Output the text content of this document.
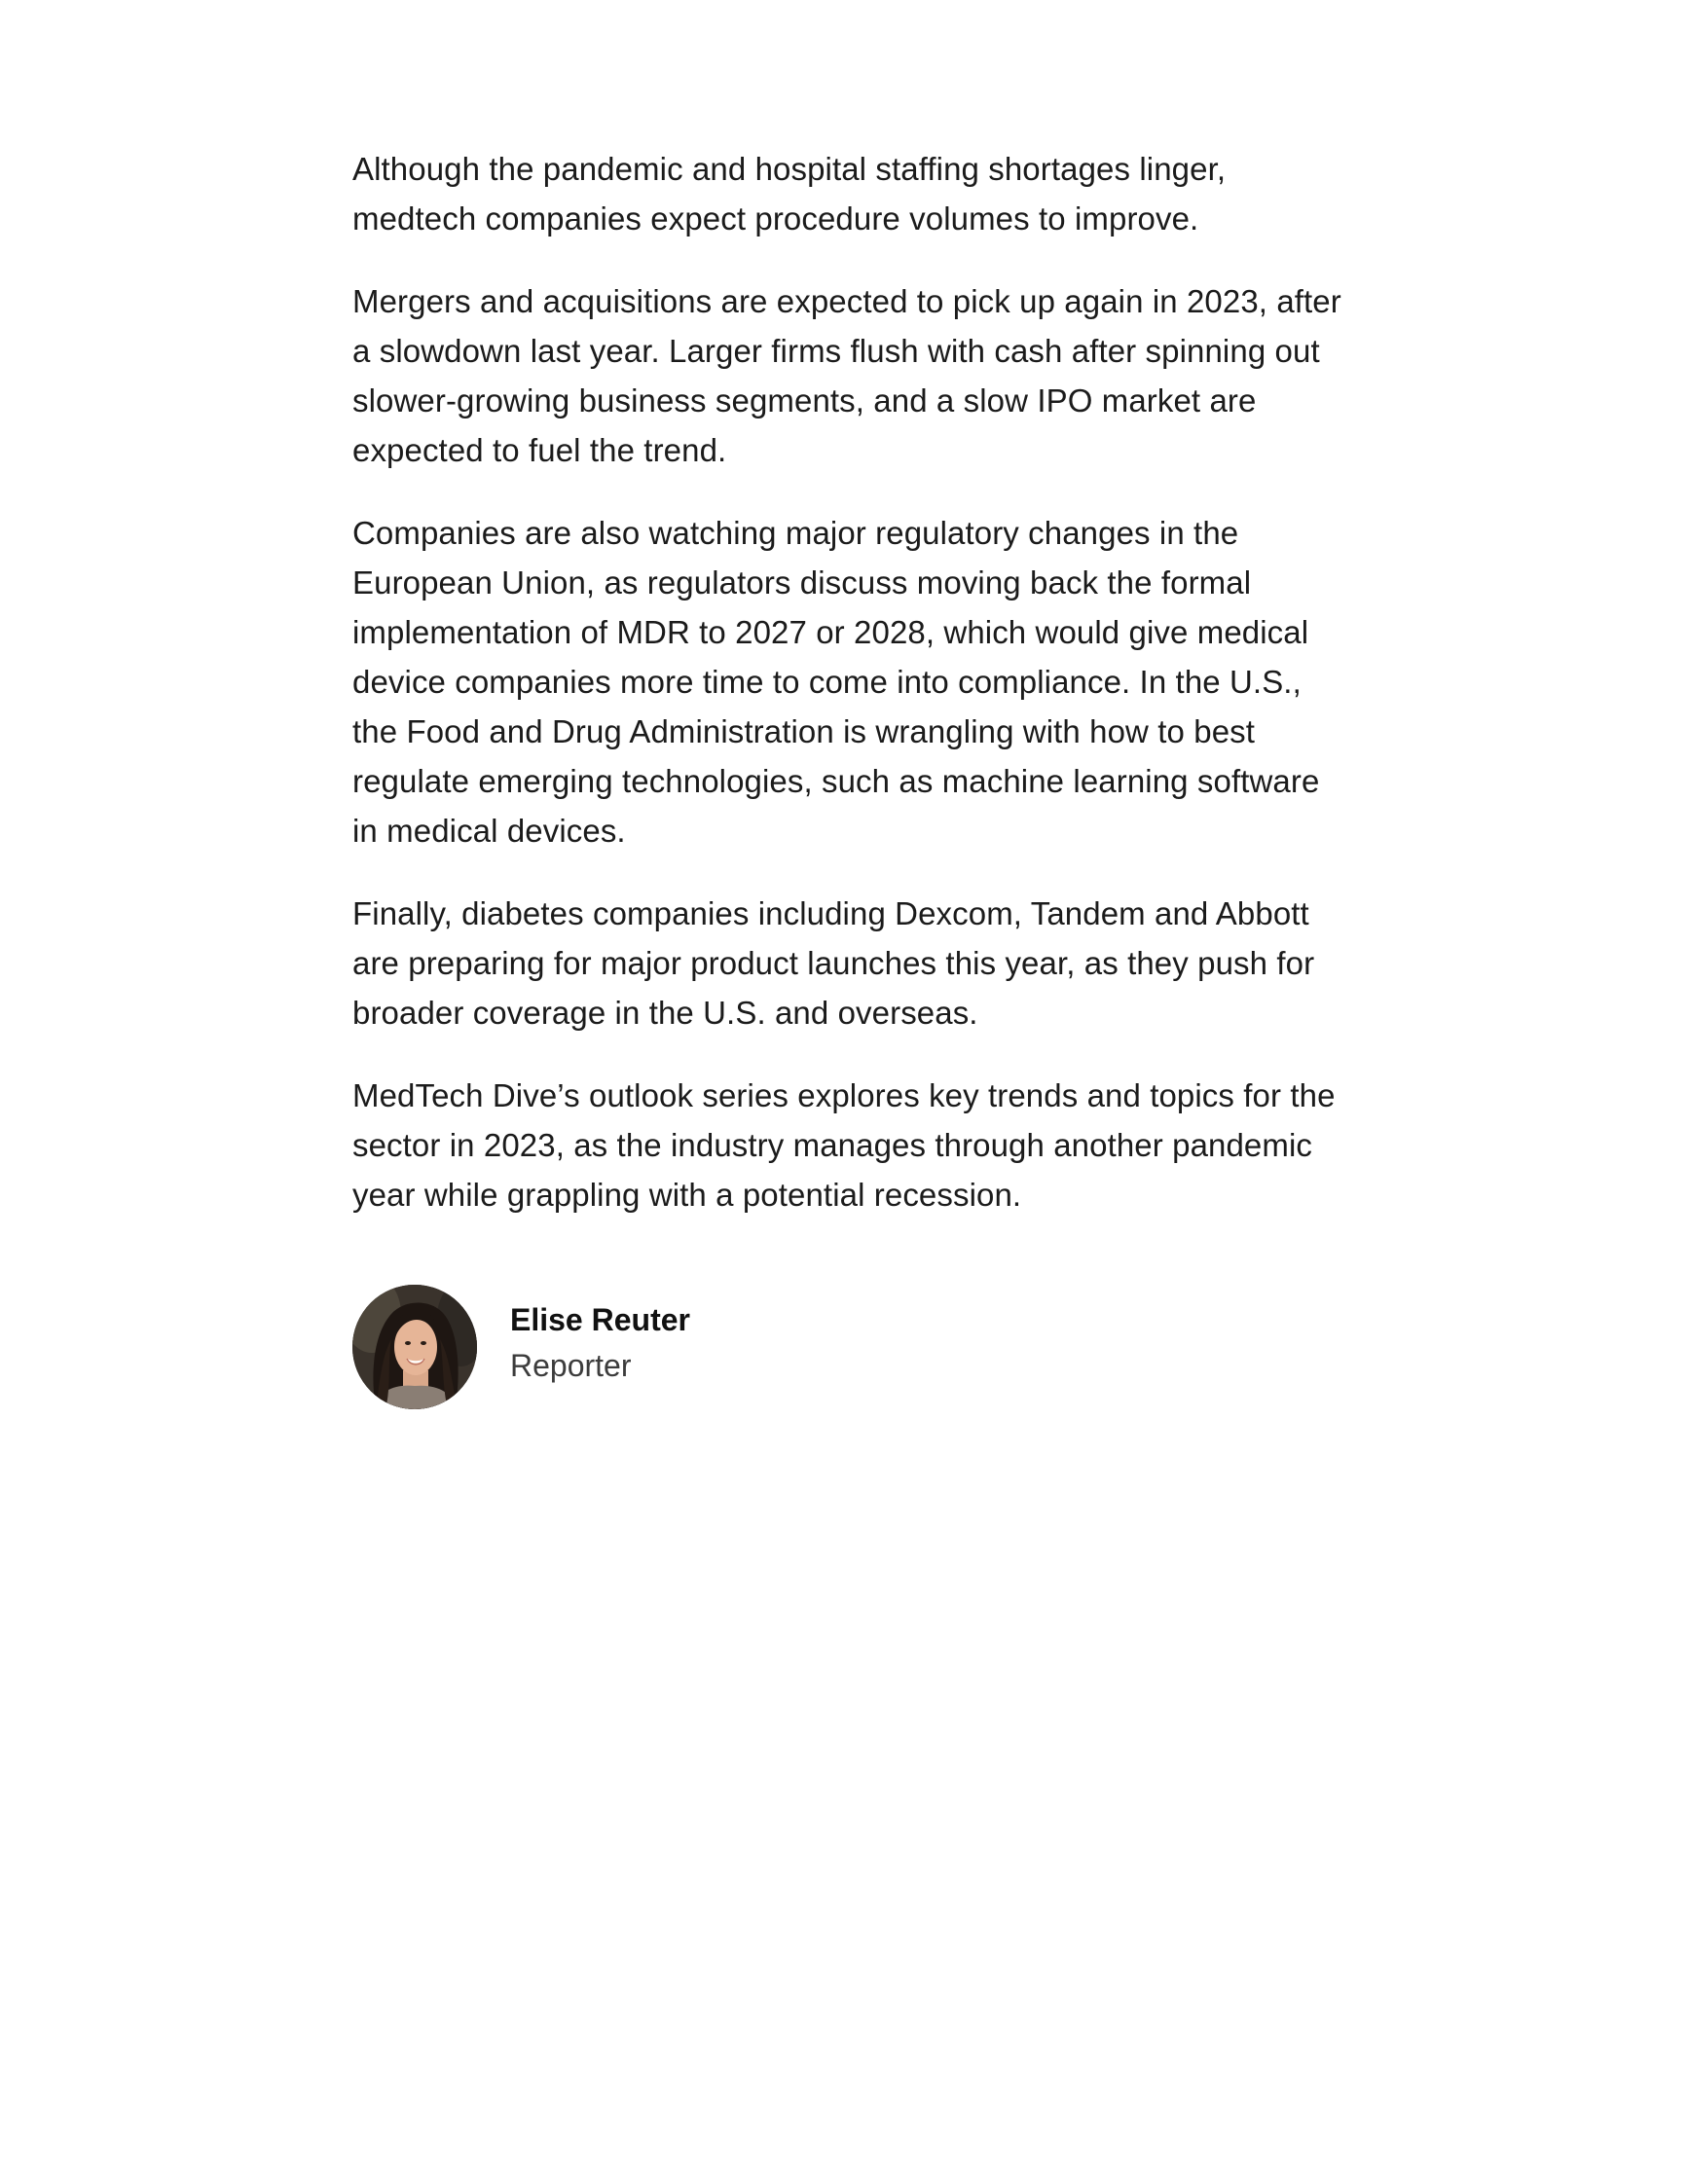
Although the pandemic and hospital staffing shortages linger, medtech companies expect procedure volumes to improve.

Mergers and acquisitions are expected to pick up again in 2023, after a slowdown last year. Larger firms flush with cash after spinning out slower-growing business segments, and a slow IPO market are expected to fuel the trend.

Companies are also watching major regulatory changes in the European Union, as regulators discuss moving back the formal implementation of MDR to 2027 or 2028, which would give medical device companies more time to come into compliance. In the U.S., the Food and Drug Administration is wrangling with how to best regulate emerging technologies, such as machine learning software in medical devices.

Finally, diabetes companies including Dexcom, Tandem and Abbott are preparing for major product launches this year, as they push for broader coverage in the U.S. and overseas.

MedTech Dive’s outlook series explores key trends and topics for the sector in 2023, as the industry manages through another pandemic year while grappling with a potential recession.

Elise Reuter
Reporter
